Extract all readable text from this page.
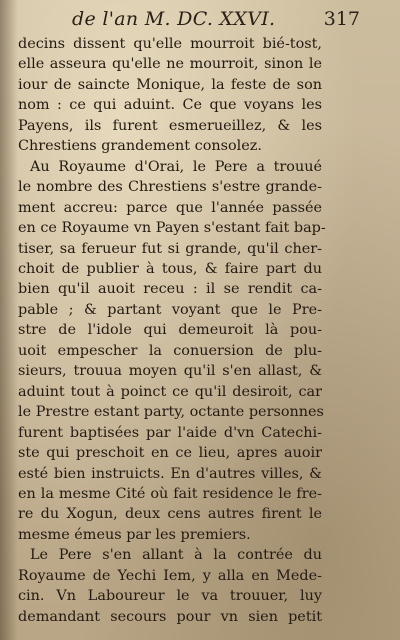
de l'an M. DC. XXVI.	317
decins dissent qu'elle mourroit bié-tost,
elle asseura qu'elle ne mourroit, sinon le
iour de saincte Monique, la feste de son
nom : ce qui aduint. Ce que voyans les
Payens, ils furent esmerueillez, & les
Chrestiens grandement consolez.
Au Royaume d'Orai, le Pere a trouué
le nombre des Chrestiens s'estre grande-
ment accreu: parce que l'année passée
en ce Royaume vn Payen s'estant fait bap-
tiser, sa ferueur fut si grande, qu'il cher-
choit de publier à tous, & faire part du
bien qu'il auoit receu : il se rendit ca-
pable ; & partant voyant que le Pre-
stre de l'idole qui demeuroit là pou-
uoit empescher la conuersion de plu-
sieurs, trouua moyen qu'il s'en allast, &
aduint tout à poinct ce qu'il desiroit, car
le Prestre estant party, octante personnes
furent baptisées par l'aide d'vn Catechi-
ste qui preschoit en ce lieu, apres auoir
esté bien instruicts. En d'autres villes, &
en la mesme Cité où fait residence le fre-
re du Xogun, deux cens autres firent le
mesme émeus par les premiers.
Le Pere s'en allant à la contrée du
Royaume de Yechi Iem, y alla en Mede-
cin. Vn Laboureur le va trouuer, luy
demandant secours pour vn sien petit
